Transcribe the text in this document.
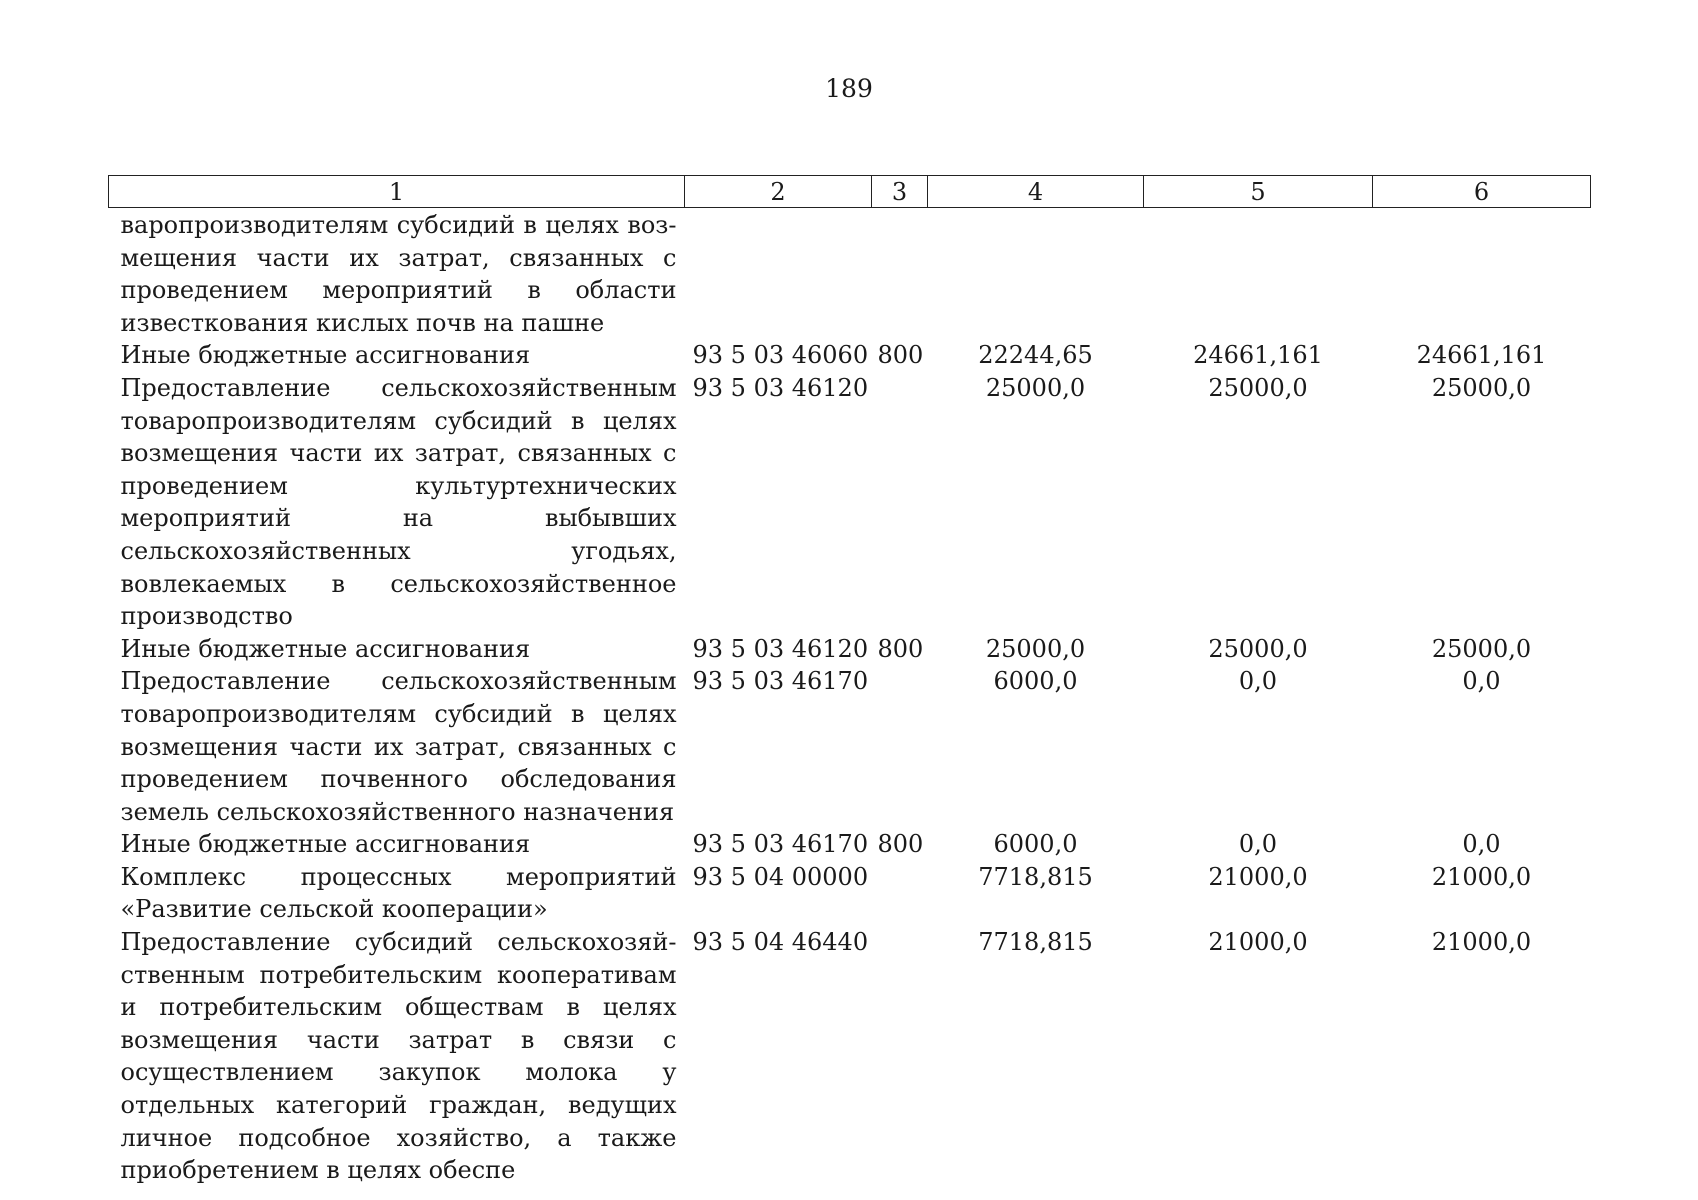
189
1	2	3	4	5	6
варопроизводителям субсидий в целях возмещения части их затрат, связанных с проведением мероприятий в области известкования кислых почв на пашне					
Иные бюджетные ассигнования	93 5 03 46060	800	22244,65	24661,161	24661,161
Предоставление сельскохозяйственным товаропроизводителям субсидий в целях возмещения части их затрат, связанных с проведением культуртехнических мероприятий на выбывших сельскохозяйственных угодьях, вовлекаемых в сельскохозяйственное производство	93 5 03 46120		25000,0	25000,0	25000,0
Иные бюджетные ассигнования	93 5 03 46120	800	25000,0	25000,0	25000,0
Предоставление сельскохозяйственным товаропроизводителям субсидий в целях возмещения части их затрат, связанных с проведением почвенного обследования земель сельскохозяйственного назначения	93 5 03 46170		6000,0	0,0	0,0
Иные бюджетные ассигнования	93 5 03 46170	800	6000,0	0,0	0,0
Комплекс процессных мероприятий «Развитие сельской кооперации»	93 5 04 00000		7718,815	21000,0	21000,0
Предоставление субсидий сельскохозяйственным потребительским кооперативам и потребительским обществам в целях возмещения части затрат в связи с осуществлением закупок молока у отдельных категорий граждан, ведущих личное подсобное хозяйство, а также приобретением в целях обеспе	93 5 04 46440		7718,815	21000,0	21000,0
